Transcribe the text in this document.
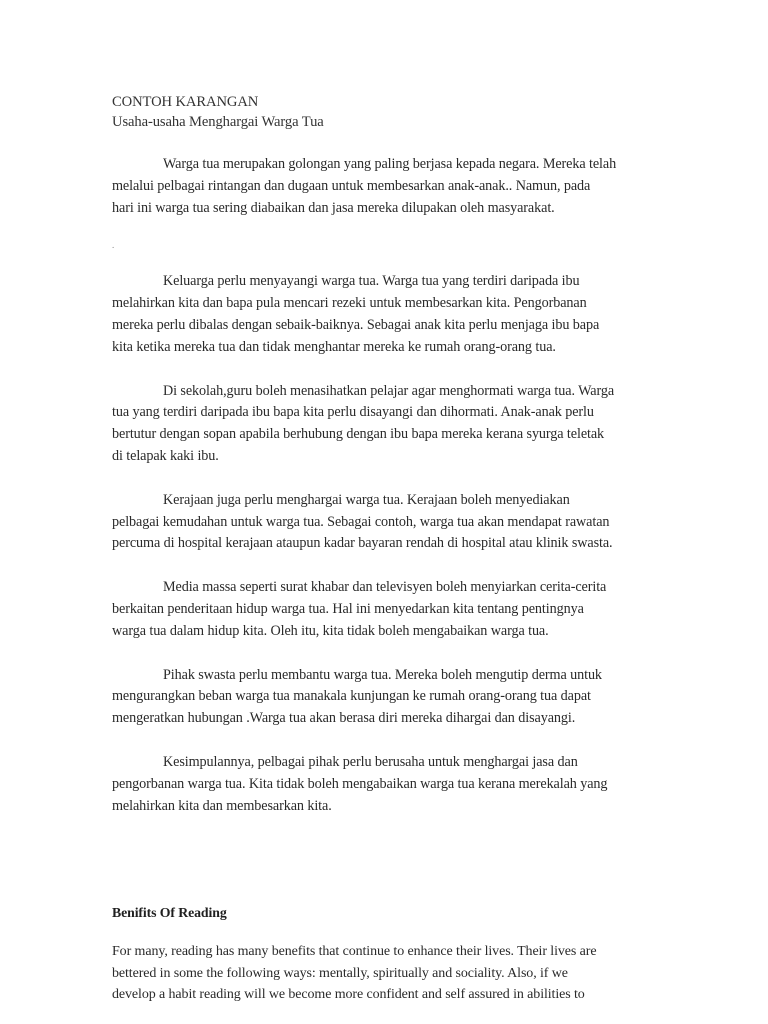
CONTOH KARANGAN

Usaha-usaha Menghargai Warga Tua

Warga tua merupakan golongan yang paling berjasa kepada negara. Mereka telah
melalui pelbagai rintangan dan dugaan untuk membesarkan anak-anak.. Namun, pada
hari ini warga tua sering diabaikan dan jasa mereka dilupakan oleh masyarakat.
.
Keluarga perlu menyayangi warga tua. Warga tua yang terdiri daripada ibu
melahirkan kita dan bapa pula mencari rezeki untuk membesarkan kita. Pengorbanan
mereka perlu dibalas dengan sebaik-baiknya. Sebagai anak kita perlu menjaga ibu bapa
kita ketika mereka tua dan tidak menghantar mereka ke rumah orang-orang tua.
Di sekolah,guru boleh menasihatkan pelajar agar menghormati warga tua. Warga
tua yang terdiri daripada ibu bapa kita perlu disayangi dan dihormati. Anak-anak perlu
bertutur dengan sopan apabila berhubung dengan ibu bapa mereka kerana syurga teletak
di telapak kaki ibu.
Kerajaan juga perlu menghargai warga tua. Kerajaan boleh menyediakan
pelbagai kemudahan untuk warga tua. Sebagai contoh, warga tua akan mendapat rawatan
percuma di hospital kerajaan ataupun kadar bayaran rendah di hospital atau klinik swasta.
Media massa seperti surat khabar dan televisyen boleh menyiarkan cerita-cerita
berkaitan penderitaan hidup warga tua. Hal ini menyedarkan kita tentang pentingnya
warga tua dalam hidup kita. Oleh itu, kita tidak boleh mengabaikan warga tua.
Pihak swasta perlu membantu warga tua. Mereka boleh mengutip derma untuk
mengurangkan beban warga tua manakala kunjungan ke rumah orang-orang tua dapat
mengeratkan hubungan .Warga tua akan berasa diri mereka dihargai dan disayangi.
Kesimpulannya, pelbagai pihak perlu berusaha untuk menghargai jasa dan
pengorbanan warga tua. Kita tidak boleh mengabaikan warga tua kerana merekalah yang
melahirkan kita dan membesarkan kita.

Benifits Of Reading

For many, reading has many benefits that continue to enhance their lives. Their lives are
bettered in some the following ways: mentally, spiritually and sociality. Also, if we
develop a habit reading will we become more confident and self assured in abilities to
